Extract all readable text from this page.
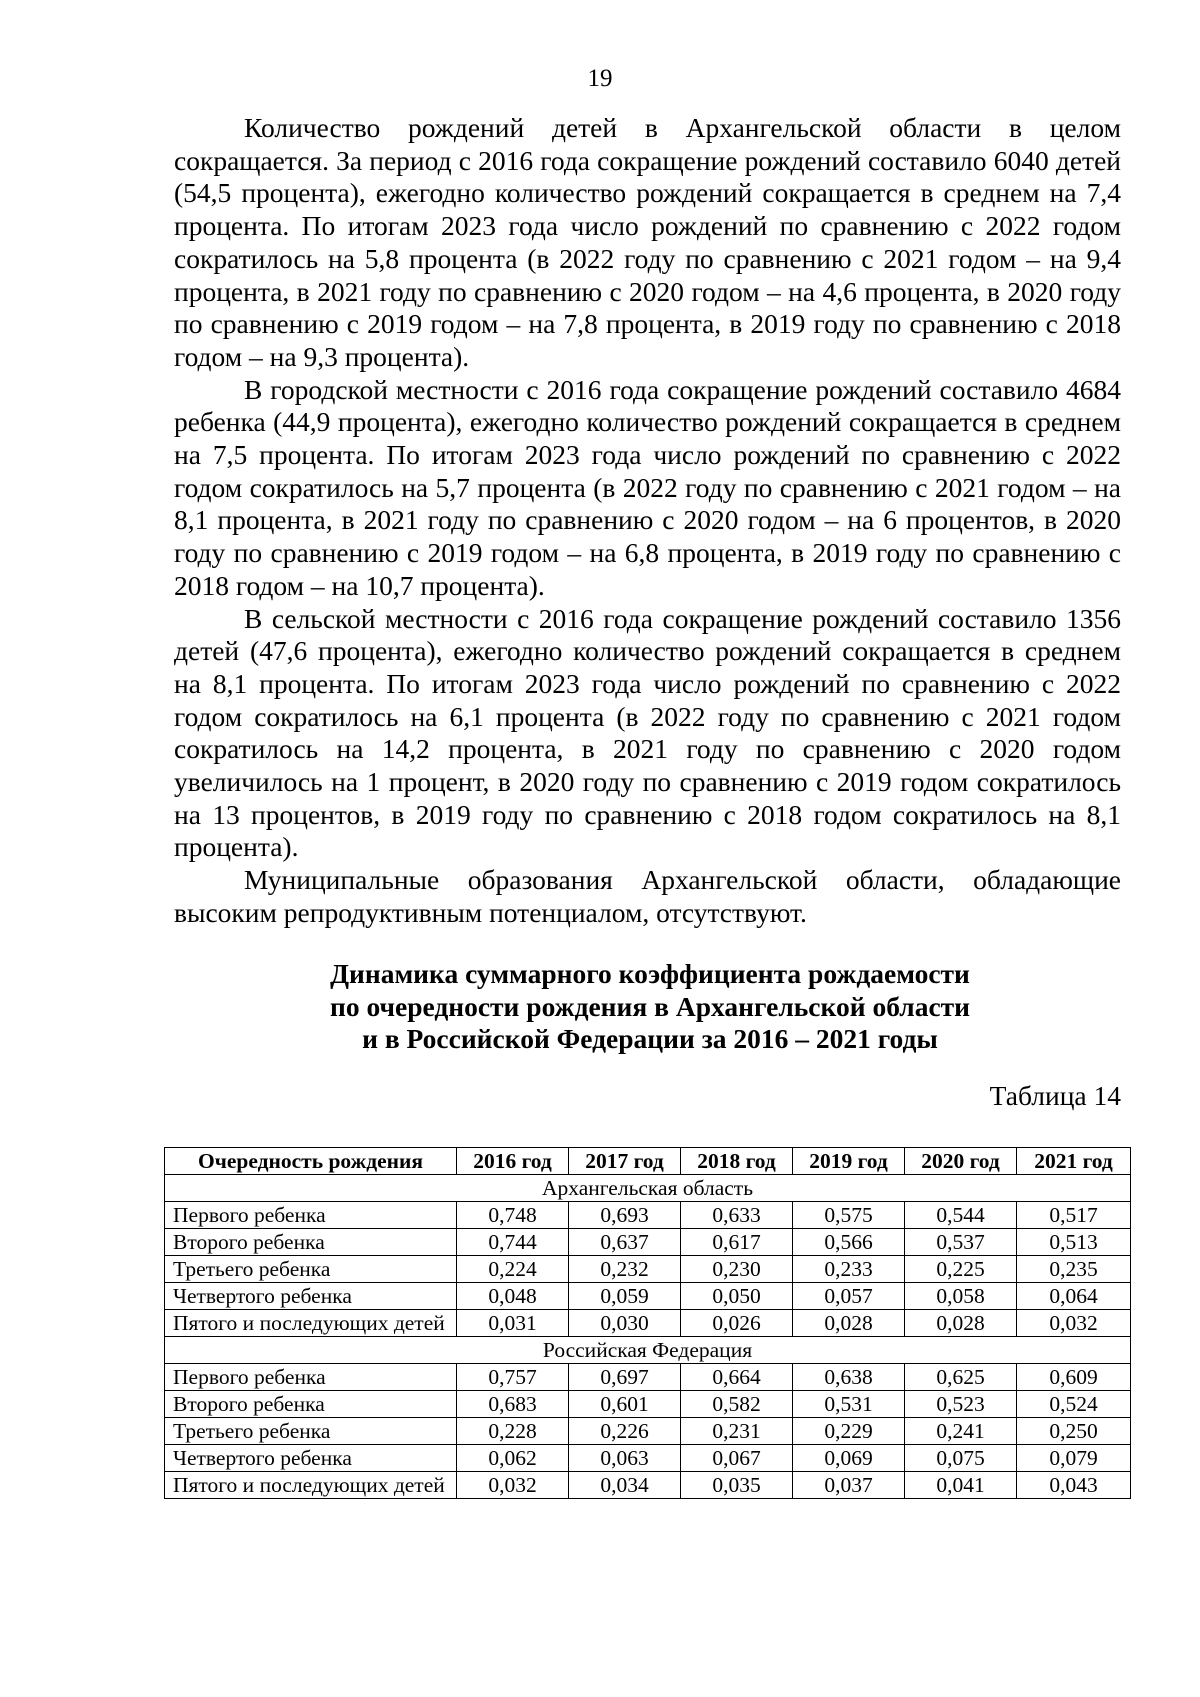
19

Количество рождений детей в Архангельской области в целом сокращается. За период с 2016 года сокращение рождений составило 6040 детей (54,5 процента), ежегодно количество рождений сокращается в среднем на 7,4 процента. По итогам 2023 года число рождений по сравнению с 2022 годом сократилось на 5,8 процента (в 2022 году по сравнению с 2021 годом – на 9,4 процента, в 2021 году по сравнению с 2020 годом – на 4,6 процента, в 2020 году по сравнению с 2019 годом – на 7,8 процента, в 2019 году по сравнению с 2018 годом – на 9,3 процента).

В городской местности с 2016 года сокращение рождений составило 4684 ребенка (44,9 процента), ежегодно количество рождений сокращается в среднем на 7,5 процента. По итогам 2023 года число рождений по сравнению с 2022 годом сократилось на 5,7 процента (в 2022 году по сравнению с 2021 годом – на 8,1 процента, в 2021 году по сравнению с 2020 годом – на 6 процентов, в 2020 году по сравнению с 2019 годом – на 6,8 процента, в 2019 году по сравнению с 2018 годом – на 10,7 процента).

В сельской местности с 2016 года сокращение рождений составило 1356 детей (47,6 процента), ежегодно количество рождений сокращается в среднем на 8,1 процента. По итогам 2023 года число рождений по сравнению с 2022 годом сократилось на 6,1 процента (в 2022 году по сравнению с 2021 годом сократилось на 14,2 процента, в 2021 году по сравнению с 2020 годом увеличилось на 1 процент, в 2020 году по сравнению с 2019 годом сократилось на 13 процентов, в 2019 году по сравнению с 2018 годом сократилось на 8,1 процента).

Муниципальные образования Архангельской области, обладающие высоким репродуктивным потенциалом, отсутствуют.

Динамика суммарного коэффициента рождаемости
по очередности рождения в Архангельской области
и в Российской Федерации за 2016 – 2021 годы
Таблица 14
Очередность рождения	2016 год	2017 год	2018 год	2019 год	2020 год	2021 год
Архангельская область						
Первого ребенка	0,748	0,693	0,633	0,575	0,544	0,517
Второго ребенка	0,744	0,637	0,617	0,566	0,537	0,513
Третьего ребенка	0,224	0,232	0,230	0,233	0,225	0,235
Четвертого ребенка	0,048	0,059	0,050	0,057	0,058	0,064
Пятого и последующих детей	0,031	0,030	0,026	0,028	0,028	0,032
Российская Федерация						
Первого ребенка	0,757	0,697	0,664	0,638	0,625	0,609
Второго ребенка	0,683	0,601	0,582	0,531	0,523	0,524
Третьего ребенка	0,228	0,226	0,231	0,229	0,241	0,250
Четвертого ребенка	0,062	0,063	0,067	0,069	0,075	0,079
Пятого и последующих детей	0,032	0,034	0,035	0,037	0,041	0,043
